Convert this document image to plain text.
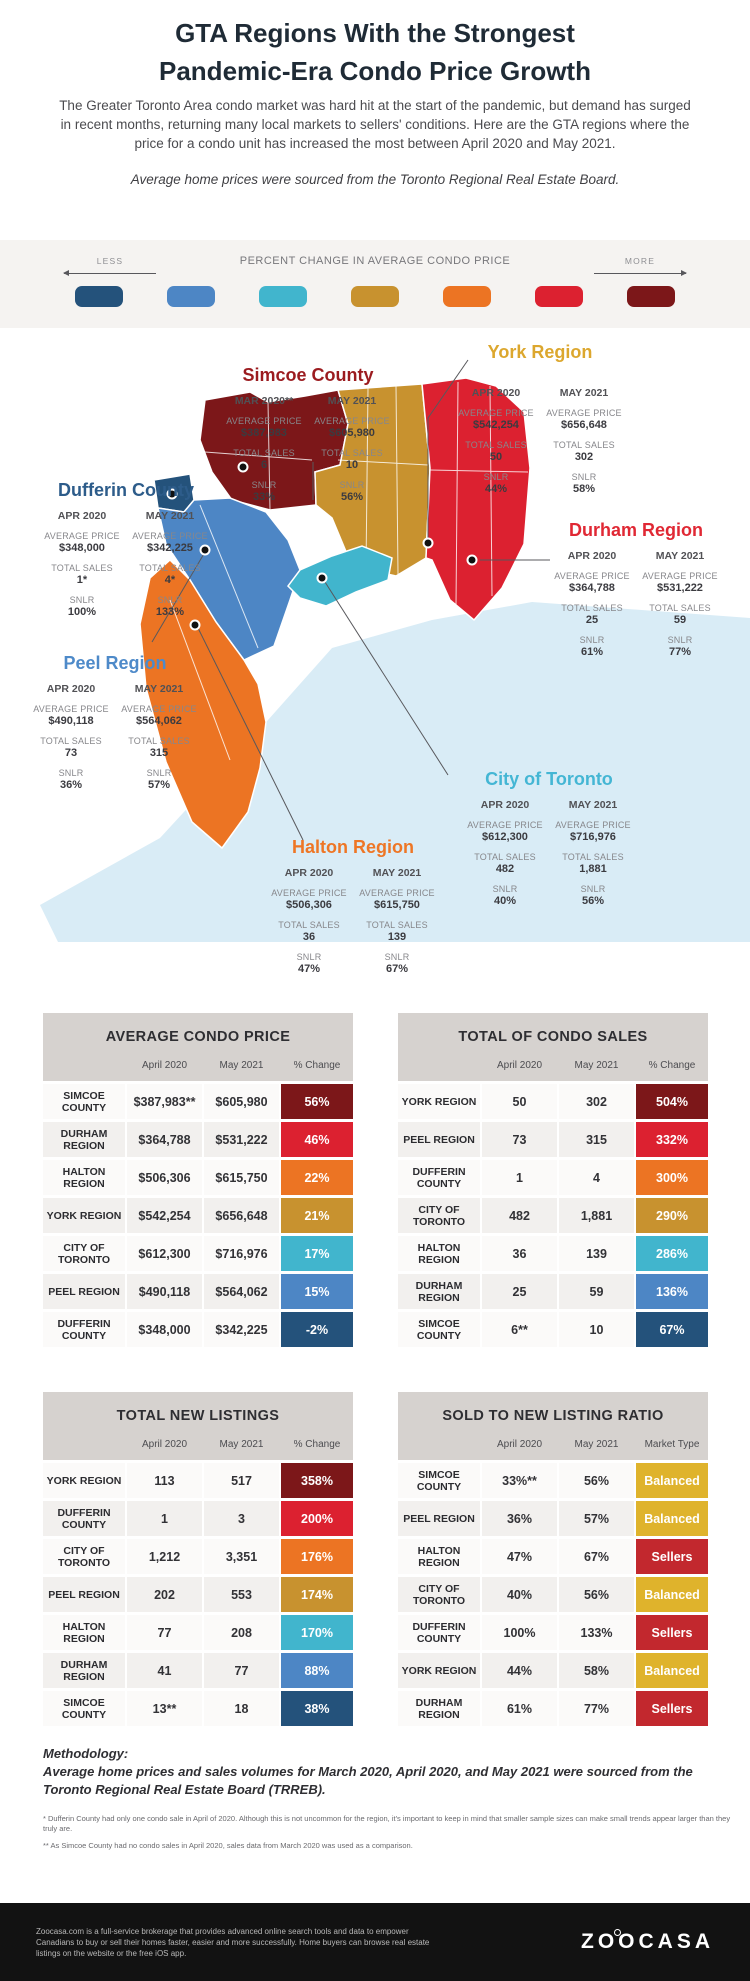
GTA Regions With the Strongest
Pandemic-Era Condo Price Growth
The Greater Toronto Area condo market was hard hit at the start of the pandemic, but demand has surged in recent months, returning many local markets to sellers' conditions. Here are the GTA regions where the price for a condo unit has increased the most between April 2020 and May 2021.
Average home prices were sourced from the Toronto Regional Real Estate Board.
PERCENT CHANGE IN AVERAGE CONDO PRICE
LESS	MORE
Simcoe County
MAR 2020**
AVERAGE PRICE
$387,983
TOTAL SALES
6
SNLR
33%
MAY 2021
AVERAGE PRICE
$605,980
TOTAL SALES
10
SNLR
56%
York Region
APR 2020
AVERAGE PRICE
$542,254
TOTAL SALES
50
SNLR
44%
MAY 2021
AVERAGE PRICE
$656,648
TOTAL SALES
302
SNLR
58%
Dufferin County
APR 2020
AVERAGE PRICE
$348,000
TOTAL SALES
1*
SNLR
100%
MAY 2021
AVERAGE PRICE
$342,225
TOTAL SALES
4*
SNLR
133%
Durham Region
APR 2020
AVERAGE PRICE
$364,788
TOTAL SALES
25
SNLR
61%
MAY 2021
AVERAGE PRICE
$531,222
TOTAL SALES
59
SNLR
77%
Peel Region
APR 2020
AVERAGE PRICE
$490,118
TOTAL SALES
73
SNLR
36%
MAY 2021
AVERAGE PRICE
$564,062
TOTAL SALES
315
SNLR
57%	City of Toronto
APR 2020
AVERAGE PRICE
$612,300
TOTAL SALES
482
SNLR
40%
MAY 2021
AVERAGE PRICE
$716,976
TOTAL SALES
1,881
SNLR
56%
Halton Region
APR 2020
AVERAGE PRICE
$506,306
TOTAL SALES
36
SNLR
47%
MAY 2021
AVERAGE PRICE
$615,750
TOTAL SALES
139
SNLR
67%
AVERAGE CONDO PRICE
April 2020	May 2021	% Change
SIMCOE COUNTY	$387,983**	$605,980	56%
DURHAM REGION	$364,788	$531,222	46%
HALTON REGION	$506,306	$615,750	22%
YORK REGION	$542,254	$656,648	21%
CITY OF TORONTO	$612,300	$716,976	17%
PEEL REGION	$490,118	$564,062	15%
DUFFERIN COUNTY	$348,000	$342,225	-2%
TOTAL OF CONDO SALES
April 2020	May 2021	% Change
YORK REGION	50	302	504%
PEEL REGION	73	315	332%
DUFFERIN COUNTY	1	4	300%
CITY OF TORONTO	482	1,881	290%
HALTON REGION	36	139	286%
DURHAM REGION	25	59	136%
SIMCOE COUNTY	6**	10	67%
TOTAL NEW LISTINGS
April 2020	May 2021	% Change
YORK REGION	113	517	358%
DUFFERIN COUNTY	1	3	200%
CITY OF TORONTO	1,212	3,351	176%
PEEL REGION	202	553	174%
HALTON REGION	77	208	170%
DURHAM REGION	41	77	88%
SIMCOE COUNTY	13**	18	38%
SOLD TO NEW LISTING RATIO
April 2020	May 2021	Market Type
SIMCOE COUNTY	33%**	56%	Balanced
PEEL REGION	36%	57%	Balanced
HALTON REGION	47%	67%	Sellers
CITY OF TORONTO	40%	56%	Balanced
DUFFERIN COUNTY	100%	133%	Sellers
YORK REGION	44%	58%	Balanced
DURHAM REGION	61%	77%	Sellers
Methodology:
Average home prices and sales volumes for March 2020, April 2020, and May 2021 were sourced from the Toronto Regional Real Estate Board (TRREB).
* Dufferin County had only one condo sale in April of 2020. Although this is not uncommon for the region, it's important to keep in mind that smaller sample sizes can make small trends appear larger than they truly are.
** As Simcoe County had no condo sales in April 2020, sales data from March 2020 was used as a comparison.
Zoocasa.com is a full-service brokerage that provides advanced online search tools and data to empower Canadians to buy or sell their homes faster, easier and more successfully. Home buyers can browse real estate listings on the website or the free iOS app.	ZOOCASA
